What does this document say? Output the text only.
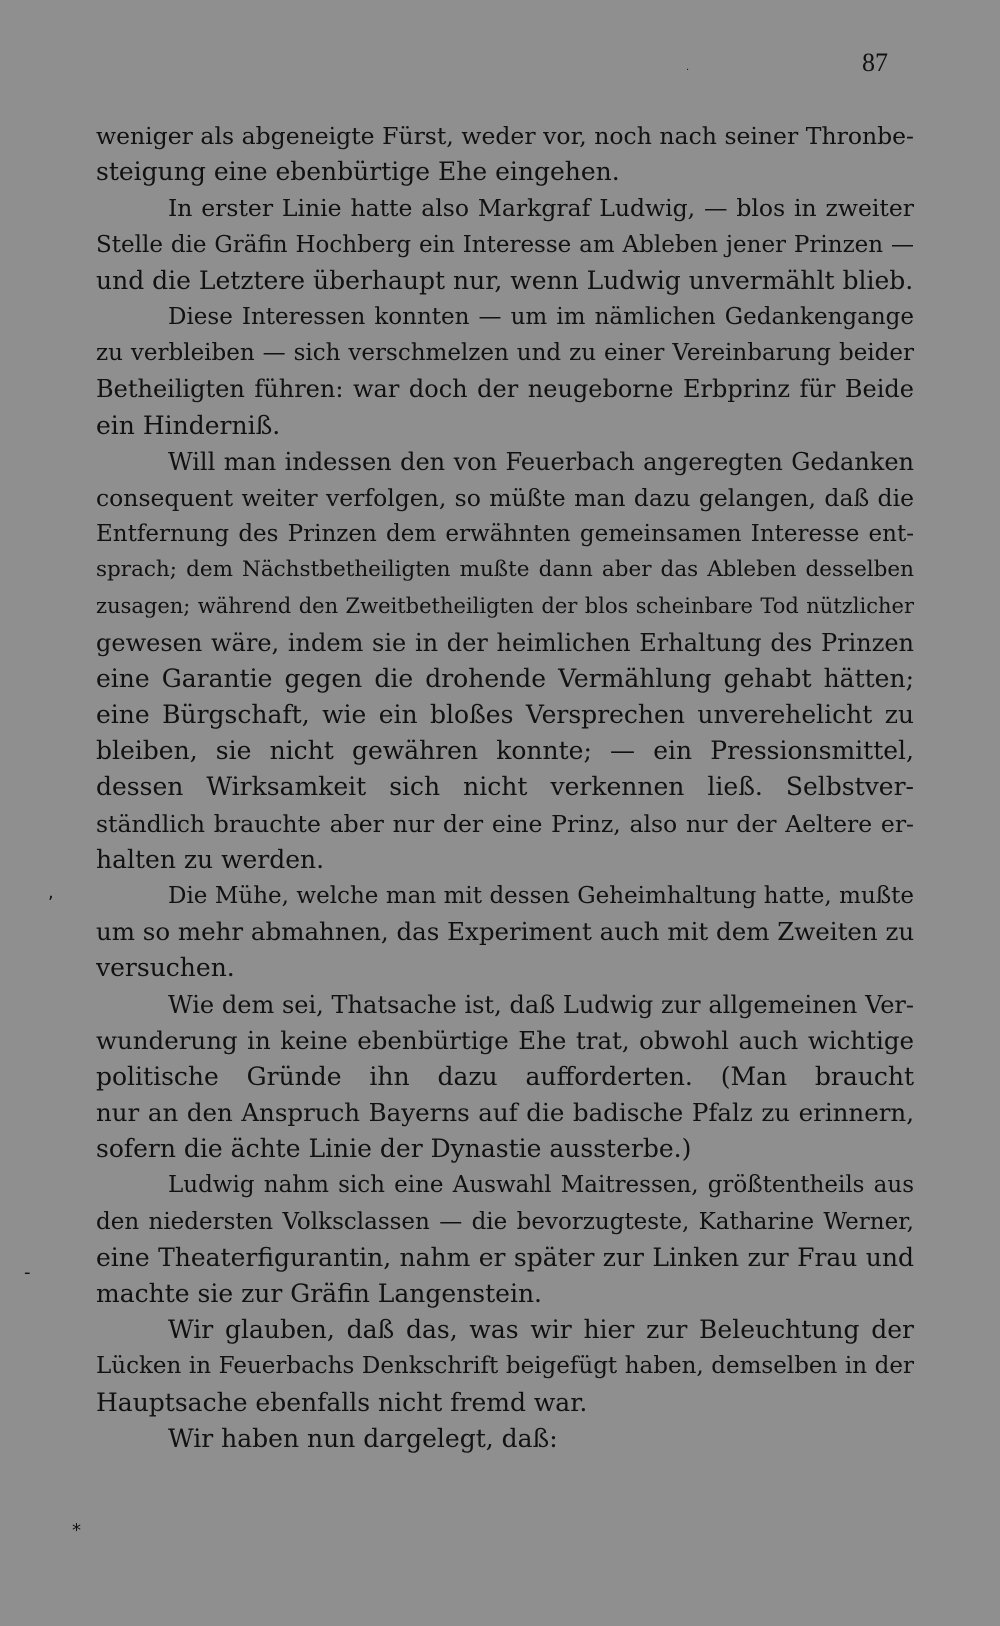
87
weniger als abgeneigte Fürst, weder vor, noch nach seiner Thronbe-
steigung eine ebenbürtige Ehe eingehen.
In erster Linie hatte also Markgraf Ludwig, — blos in zweiter
Stelle die Gräfin Hochberg ein Interesse am Ableben jener Prinzen —
und die Letztere überhaupt nur, wenn Ludwig unvermählt blieb.
Diese Interessen konnten — um im nämlichen Gedankengange
zu verbleiben — sich verschmelzen und zu einer Vereinbarung beider
Betheiligten führen: war doch der neugeborne Erbprinz für Beide
ein Hinderniß.
Will man indessen den von Feuerbach angeregten Gedanken
consequent weiter verfolgen, so müßte man dazu gelangen, daß die
Entfernung des Prinzen dem erwähnten gemeinsamen Interesse ent-
sprach; dem Nächstbetheiligten mußte dann aber das Ableben desselben
zusagen; während den Zweitbetheiligten der blos scheinbare Tod nützlicher
gewesen wäre, indem sie in der heimlichen Erhaltung des Prinzen
eine Garantie gegen die drohende Vermählung gehabt hätten;
eine Bürgschaft, wie ein bloßes Versprechen unverehelicht zu
bleiben, sie nicht gewähren konnte; — ein Pressionsmittel,
dessen Wirksamkeit sich nicht verkennen ließ. Selbstver-
ständlich brauchte aber nur der eine Prinz, also nur der Aeltere er-
halten zu werden.
Die Mühe, welche man mit dessen Geheimhaltung hatte, mußte
um so mehr abmahnen, das Experiment auch mit dem Zweiten zu
versuchen.
Wie dem sei, Thatsache ist, daß Ludwig zur allgemeinen Ver-
wunderung in keine ebenbürtige Ehe trat, obwohl auch wichtige
politische Gründe ihn dazu aufforderten. (Man braucht
nur an den Anspruch Bayerns auf die badische Pfalz zu erinnern,
sofern die ächte Linie der Dynastie aussterbe.)
Ludwig nahm sich eine Auswahl Maitressen, größtentheils aus
den niedersten Volksclassen — die bevorzugteste, Katharine Werner,
eine Theaterfigurantin, nahm er später zur Linken zur Frau und
machte sie zur Gräfin Langenstein.
Wir glauben, daß das, was wir hier zur Beleuchtung der
Lücken in Feuerbachs Denkschrift beigefügt haben, demselben in der
Hauptsache ebenfalls nicht fremd war.
Wir haben nun dargelegt, daß:
,
*
-
.
